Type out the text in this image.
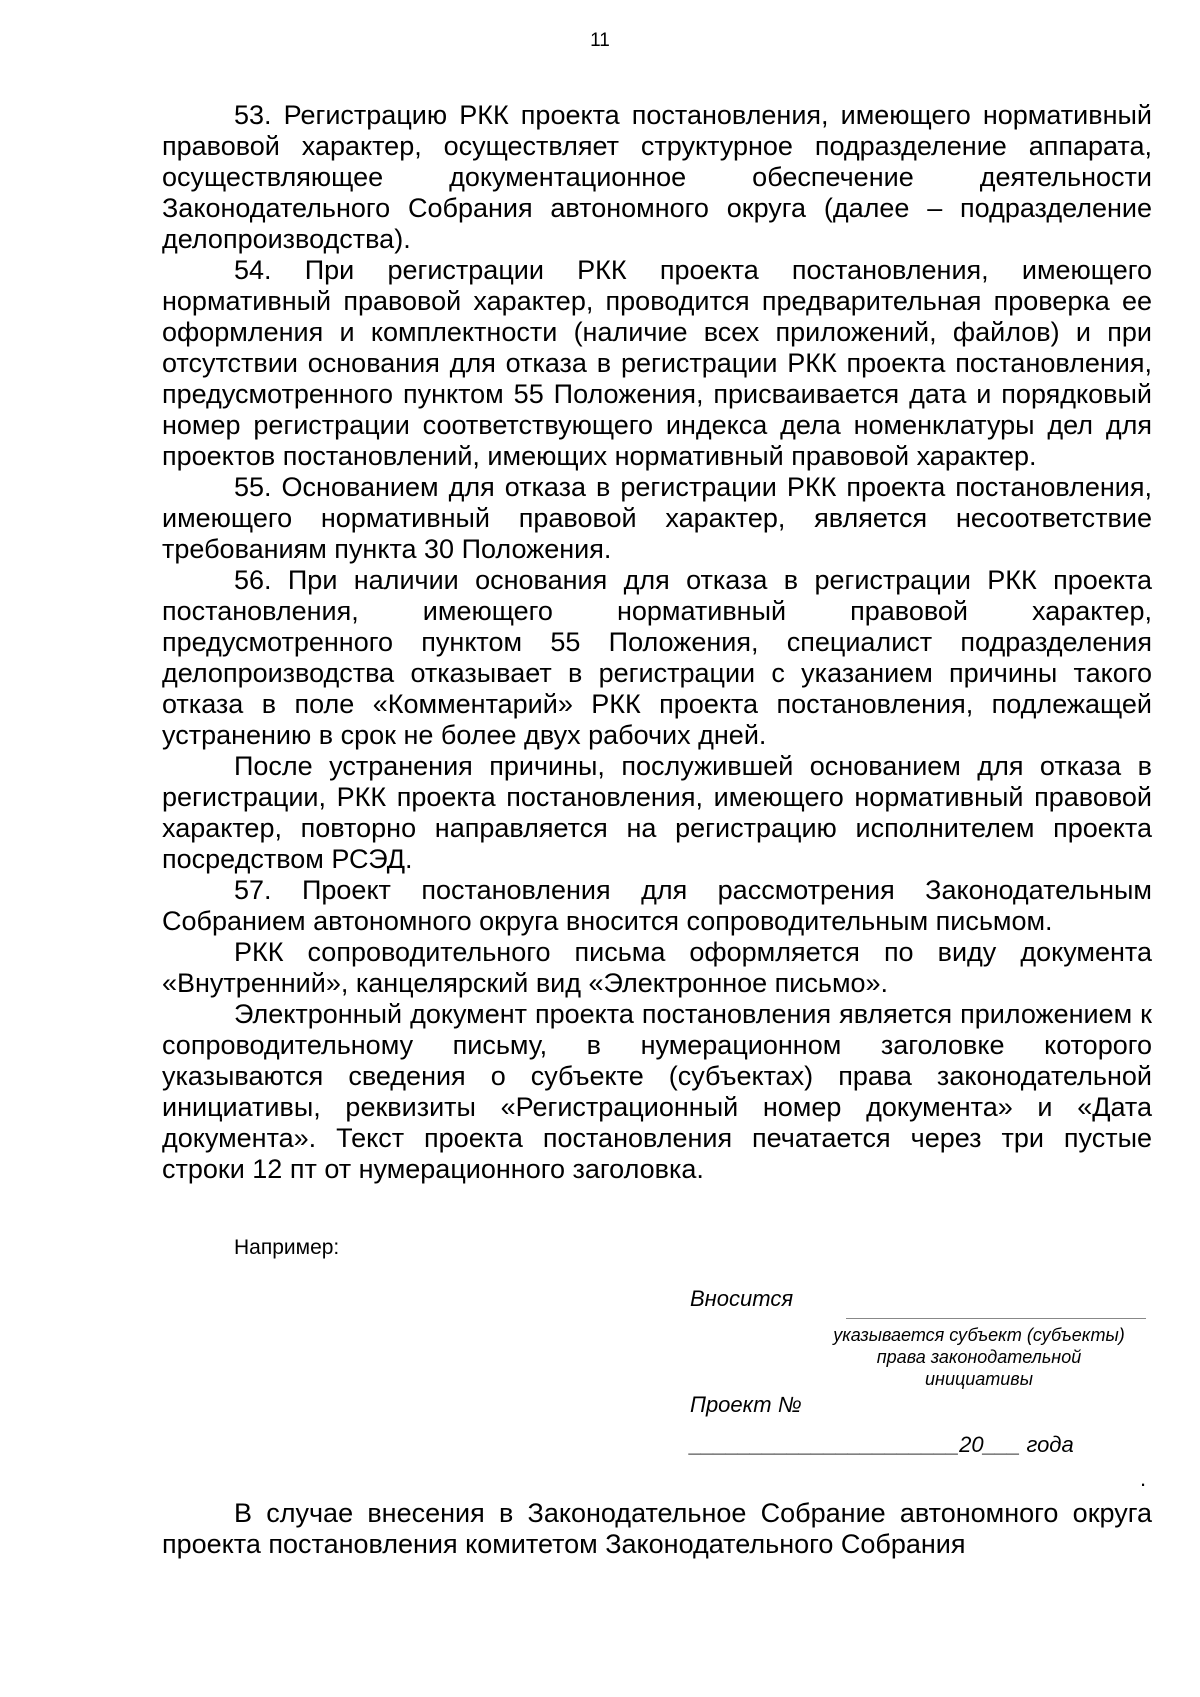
11

53. Регистрацию РКК проекта постановления, имеющего нормативный правовой характер, осуществляет структурное подразделение аппарата, осуществляющее документационное обеспечение деятельности Законодательного Собрания автономного округа (далее – подразделение делопроизводства).

54. При регистрации РКК проекта постановления, имеющего нормативный правовой характер, проводится предварительная проверка ее оформления и комплектности (наличие всех приложений, файлов) и при отсутствии основания для отказа в регистрации РКК проекта постановления, предусмотренного пунктом 55 Положения, присваивается дата и порядковый номер регистрации соответствующего индекса дела номенклатуры дел для проектов постановлений, имеющих нормативный правовой характер.

55. Основанием для отказа в регистрации РКК проекта постановления, имеющего нормативный правовой характер, является несоответствие требованиям пункта 30 Положения.

56. При наличии основания для отказа в регистрации РКК проекта постановления, имеющего нормативный правовой характер, предусмотренного пунктом 55 Положения, специалист подразделения делопроизводства отказывает в регистрации с указанием причины такого отказа в поле «Комментарий» РКК проекта постановления, подлежащей устранению в срок не более двух рабочих дней.

После устранения причины, послужившей основанием для отказа в регистрации, РКК проекта постановления, имеющего нормативный правовой характер, повторно направляется на регистрацию исполнителем проекта посредством РСЭД.

57. Проект постановления для рассмотрения Законодательным Собранием автономного округа вносится сопроводительным письмом.

РКК сопроводительного письма оформляется по виду документа «Внутренний», канцелярский вид «Электронное письмо».

Электронный документ проекта постановления является приложением к сопроводительному письму, в нумерационном заголовке которого указываются сведения о субъекте (субъектах) права законодательной инициативы, реквизиты «Регистрационный номер документа» и «Дата документа». Текст проекта постановления печатается через три пустые строки 12 пт от нумерационного заголовка.

Например:
Вносится
указывается субъект (субъекты) права законодательной инициативы
Проект №
______________________20___ года
.

В случае внесения в Законодательное Собрание автономного округа проекта постановления комитетом Законодательного Собрания
